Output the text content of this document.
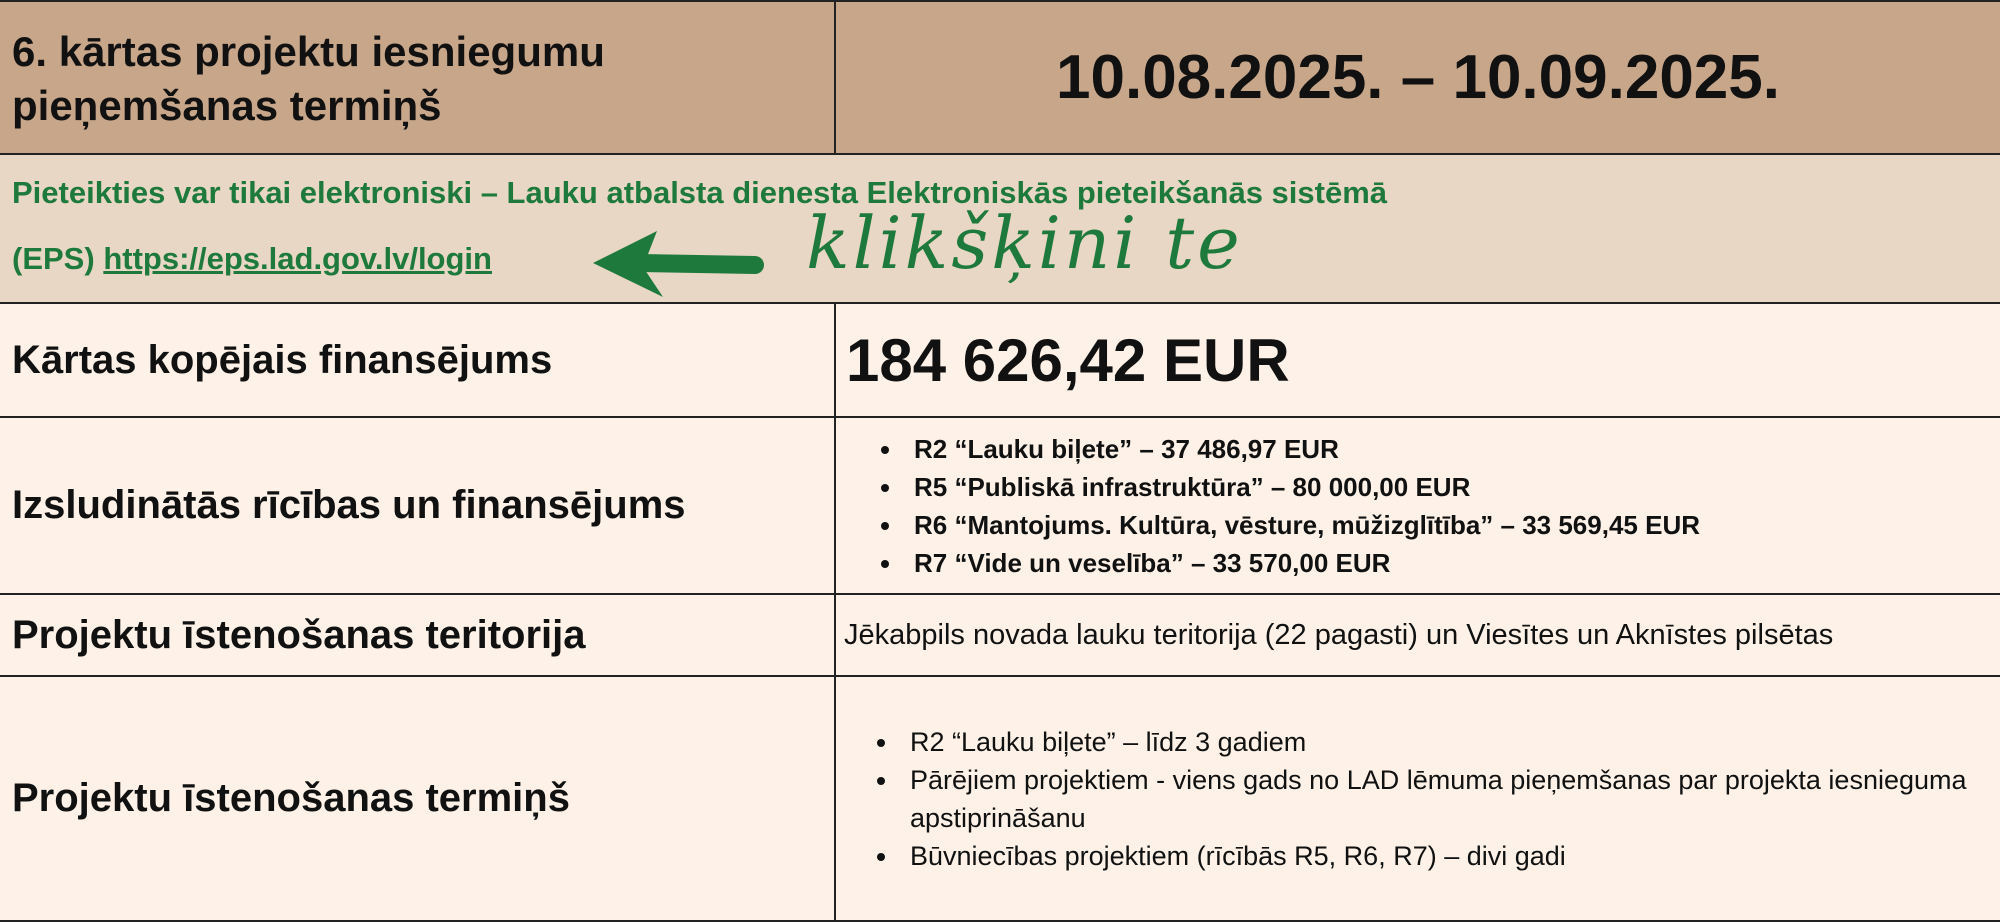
6. kārtas projektu iesniegumu pieņemšanas termiņš	10.08.2025. – 10.09.2025.
Pieteikties var tikai elektroniski – Lauku atbalsta dienesta Elektroniskās pieteikšanās sistēmā
(EPS) https://eps.lad.gov.lv/login	klikšķini te
Kārtas kopējais finansējums	184 626,42 EUR
Izsludinātās rīcības un finansējums
• R2 “Lauku biļete” – 37 486,97 EUR
• R5 “Publiskā infrastruktūra” – 80 000,00 EUR
• R6 “Mantojums. Kultūra, vēsture, mūžizglītība” – 33 569,45 EUR
• R7 “Vide un veselība” – 33 570,00 EUR
Projektu īstenošanas teritorija	Jēkabpils novada lauku teritorija (22 pagasti) un Viesītes un Aknīstes pilsētas
Projektu īstenošanas termiņš
• R2 “Lauku biļete” – līdz 3 gadiem
• Pārējiem projektiem - viens gads no LAD lēmuma pieņemšanas par projekta iesnieguma apstiprināšanu
• Būvniecības projektiem (rīcībās R5, R6, R7) – divi gadi
